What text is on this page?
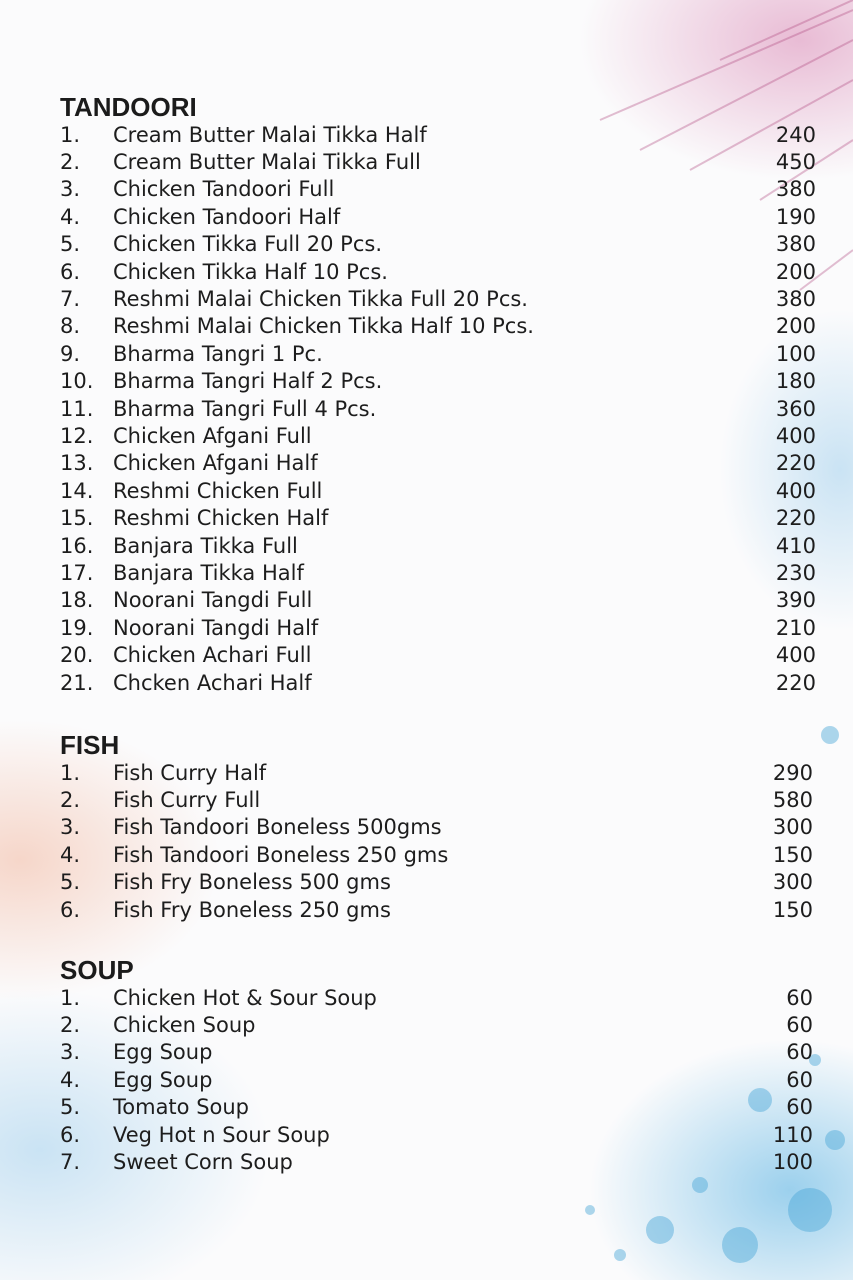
TANDOORI
1.	Cream Butter Malai Tikka Half	240
2.	Cream Butter Malai Tikka Full	450
3.	Chicken Tandoori Full	380
4.	Chicken Tandoori Half	190
5.	Chicken Tikka Full 20 Pcs.	380
6.	Chicken Tikka Half 10 Pcs.	200
7.	Reshmi Malai Chicken Tikka Full 20 Pcs.	380
8.	Reshmi Malai Chicken Tikka Half 10 Pcs.	200
9.	Bharma Tangri 1 Pc.	100
10. Bharma Tangri Half 2 Pcs.	180
11. Bharma Tangri Full 4 Pcs.	360
12. Chicken Afgani Full	400
13. Chicken Afgani Half	220
14. Reshmi Chicken Full	400
15. Reshmi Chicken Half	220
16. Banjara Tikka Full	410
17. Banjara Tikka Half	230
18. Noorani Tangdi Full	390
19. Noorani Tangdi Half	210
20. Chicken Achari Full	400
21. Chcken Achari Half	220
FISH
1.	Fish Curry Half	290
2.	Fish Curry Full	580
3.	Fish Tandoori Boneless 500gms	300
4.	Fish Tandoori Boneless 250 gms	150
5.	Fish Fry Boneless 500 gms	300
6.	Fish Fry Boneless 250 gms	150
SOUP
1.	Chicken Hot & Sour Soup	60
2.	Chicken Soup	60
3.	Egg Soup	60
4.	Egg Soup	60
5.	Tomato Soup	60
6.	Veg Hot n Sour Soup	110
7.	Sweet Corn Soup	100
